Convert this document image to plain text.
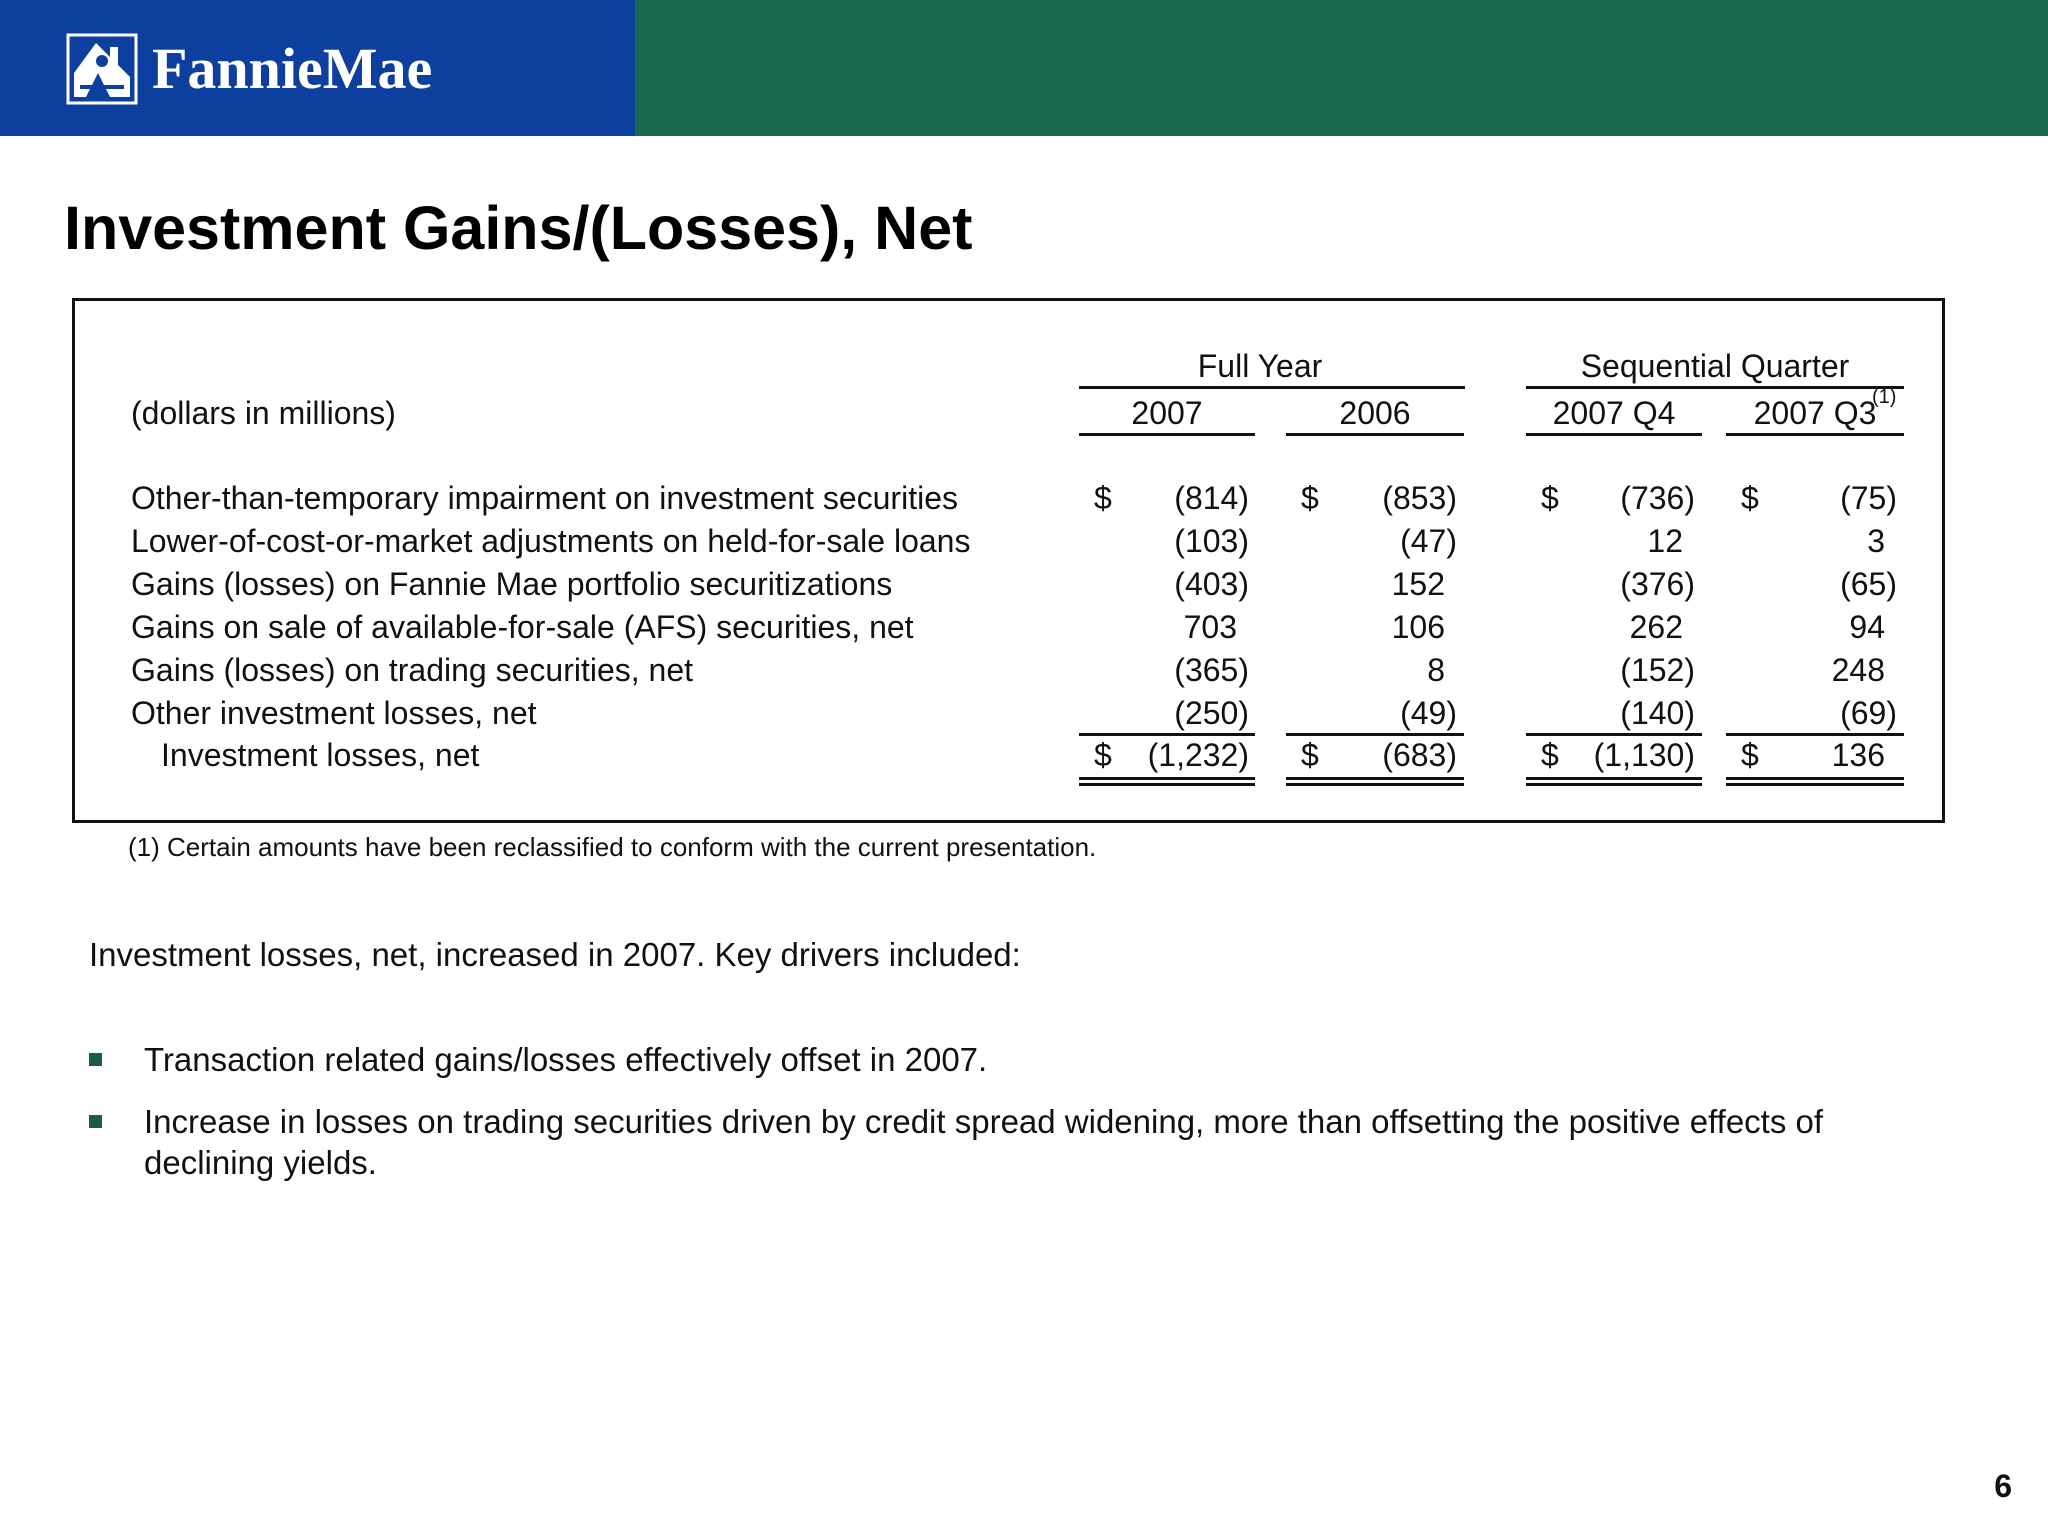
FannieMae
Investment Gains/(Losses), Net
Full Year	Sequential Quarter
(dollars in millions)	2007	2006	2007 Q4	2007 Q3
(1)
Other-than-temporary impairment on investment securities	$	(814) $	(853)	$	(736) $	(75)
Lower-of-cost-or-market adjustments on held-for-sale loans	(103)	(47)	12	3
Gains (losses) on Fannie Mae portfolio securitizations	(403)	152	(376)	(65)
Gains on sale of available-for-sale (AFS) securities, net	703	106	262	94
Gains (losses) on trading securities, net	(365)	8	(152)	248
Other investment losses, net	(250)	(49)	(140)	(69)
Investment losses, net	$	(1,232) $	(683)	$	(1,130) $	136
(1) Certain amounts have been reclassified to conform with the current presentation.
Investment losses, net, increased in 2007. Key drivers included:
Transaction related gains/losses effectively offset in 2007.
Increase in losses on trading securities driven by credit spread widening, more than offsetting the positive effects of
declining yields.
6
